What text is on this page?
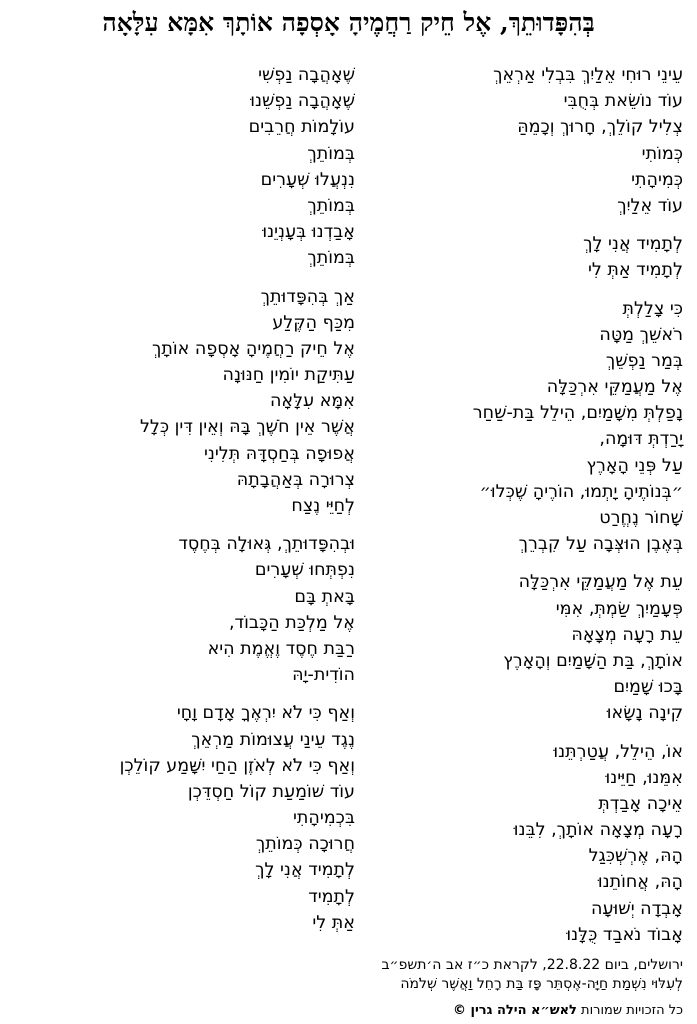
בְּהִפָּדוּתֵךְ, אֶל חֵיק רַחֲמֶיהָ אָסְפָה אוֹתָךְ אִמָּא עִלָּאָה
עֵינֵי רוּחִי אֵלַיִךְ בִּבְלִי אַרְאֵךְ
עוֹד נוֹשֵׂאת בְּחֻבִּי
צְלִיל קוֹלֵךְ, חָרוּךְ וְכָמֵהַּ
כְּמוֹתִי
כְּמִיהָתִי
עוֹד אֵלַיִךְ
לְתָמִיד אֲנִי לָךְ
לְתָמִיד אַתְּ לִי
כִּי צָלַלְתְּ
רֹאשֵׁךְ מַטָּה
בְּמַר נַפְשֵׁךְ
אֶל מַעֲמַקֵּי אִרְכַּלָּה
נָפַלְתְּ מִשָּׁמַיִם, הֵילֵל בַּת-שַׁחַר
יָרַדְתְּ דּוּמָה,
עַל פְּנֵי הָאָרֶץ
״בְּנוֹתֶיהָ יָתְמוּ, הוֹרֶיהָ שֶׁכְּלוּ״
שָׁחוֹר נֶחֱרַט
בְּאֶבֶן הוּצְּבָה עַל קִבְרֵךְ
עֵת אֶל מַעֲמַקֵּי אִרְכַּלָּה
פְּעָמַיִךְ שַׂמְתְּ, אִמִּי
עֵת רָעָה מְצָאָהּ
אוֹתָךְ, בַּת הַשָּׁמַיִם וְהָאָרֶץ
בָּכוּ שָׁמַיִם
קִינָה נָשָׂאוּ
אוֹ, הֵילֵל, עֲטַרְתֵּנוּ
אִמֵּנוּ, חַיֵּינוּ
אֵיכָה אָבַדְתְּ
רָעָה מְצָאָה אוֹתָךְ, לִבֵּנוּ
הָהּ, אֶרְשְׁכִּגַל
הָהּ, אֲחוֹתֵנוּ
אָבְדָה יְשׁוּעָה
אָבוֹד נֹאבַד כֻּלָּנוּ
שֶׁאָהֲבָה נַפְשִׁי
שֶׁאָהֲבָה נַפְשֵׁנוּ
עוֹלָמוֹת חֲרֵבִים
בְּמוֹתֵךְ
נִנְעֲלוּ שְׁעָרִים
בְּמוֹתֵךְ
אָבַדְנוּ בְּעָנְיֵנוּ
בְּמוֹתֵךְ
אַךְ בְּהִפָּדוּתֵךְ
מִכַּף הַקֶּלַע
אֶל חֵיק רַחֲמֶיהָ אָסְפָה אוֹתָךְ
עַתִּיקַת יוֹמִין חַנּוּנָה
אִמָּא עִלָּאָה
אֲשֶׁר אֵין חֹשֶׁךְ בָּהּ וְאֵין דִּין כְּלָל
אֲפוּפָה בְּחַסְדָּהּ תְּלִינִי
צְרוּרָה בְּאַהֲבָתָהּ
לְחַיֵּי נֶצַח
וּבְהִפָּדוּתֵךְ, גְּאוּלָה בְּחֶסֶד
נִפְתְּחוּ שְׁעָרִים
בָּאתְ בָּם
אֶל מַלְכַּת הַכָּבוֹד,
רַבַּת חֶסֶד וֶאֱמֶת הִיא
הוֹדִית-יָהּ
וְאַף כִּי לֹא יִרְאֶךָ אָדָם וָחָי
נֶגֶד עֵינַי עֲצוּמוֹת מַרְאֵךְ
וְאַף כִּי לֹא לְאֹזֶן הַחַי יִשָּׁמַע קוֹלֵכְן
עוֹד שׁוֹמַעַת קוֹל חַסְדֵּכְן
בִּכְמִיהָתִי
חֲרוּכָה כְּמוֹתֵךְ
לְתָמִיד אֲנִי לָךְ
לְתָמִיד
אַתְּ לִי
ירושלים, ביום 22.8.22, לקראת כ״ז אב ה׳תשפ״ב
לְעִלּוּי נִשְׁמַת חַיָּה-אֶסְתֵּר פָּז בַּת רָחֵל וַאֲשֶׁר שְׁלֹמֹה
כל הזכויות שמורות לאש״א הילה גרין ©
